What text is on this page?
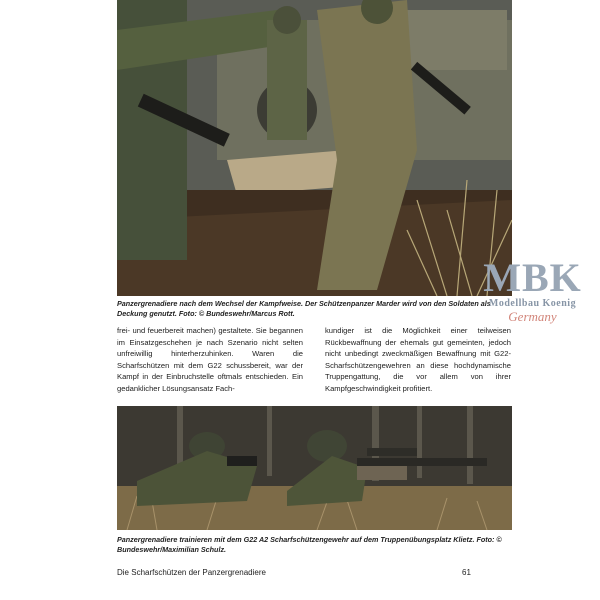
Panzergrenadiere nach dem Wechsel der Kampfweise. Der Schützenpanzer Marder wird von den Soldaten als Deckung genutzt. Foto: © Bundeswehr/Marcus Rott.
frei- und feuerbereit machen) gestaltete. Sie begannen im Einsatzgeschehen je nach Szenario nicht selten unfreiwillig hinterherzuhinken. Waren die Scharfschützen mit dem G22 schussbereit, war der Kampf in der Einbruchstelle oftmals entschieden. Ein gedanklicher Lösungsansatz Fach-
kundiger ist die Möglichkeit einer teilweisen Rückbewaffnung der ehemals gut gemeinten, jedoch nicht unbedingt zweckmäßigen Bewaffnung mit G22-Scharfschützengewehren an diese hochdynamische Truppengattung, die vor allem von ihrer Kampfgeschwindigkeit profitiert.
Panzergrenadiere trainieren mit dem G22 A2 Scharfschützengewehr auf dem Truppenübungsplatz Klietz. Foto: © Bundeswehr/Maximilian Schulz.
Die Scharfschützen der Panzergrenadiere	61
MBK
Modellbau Koenig
Germany
